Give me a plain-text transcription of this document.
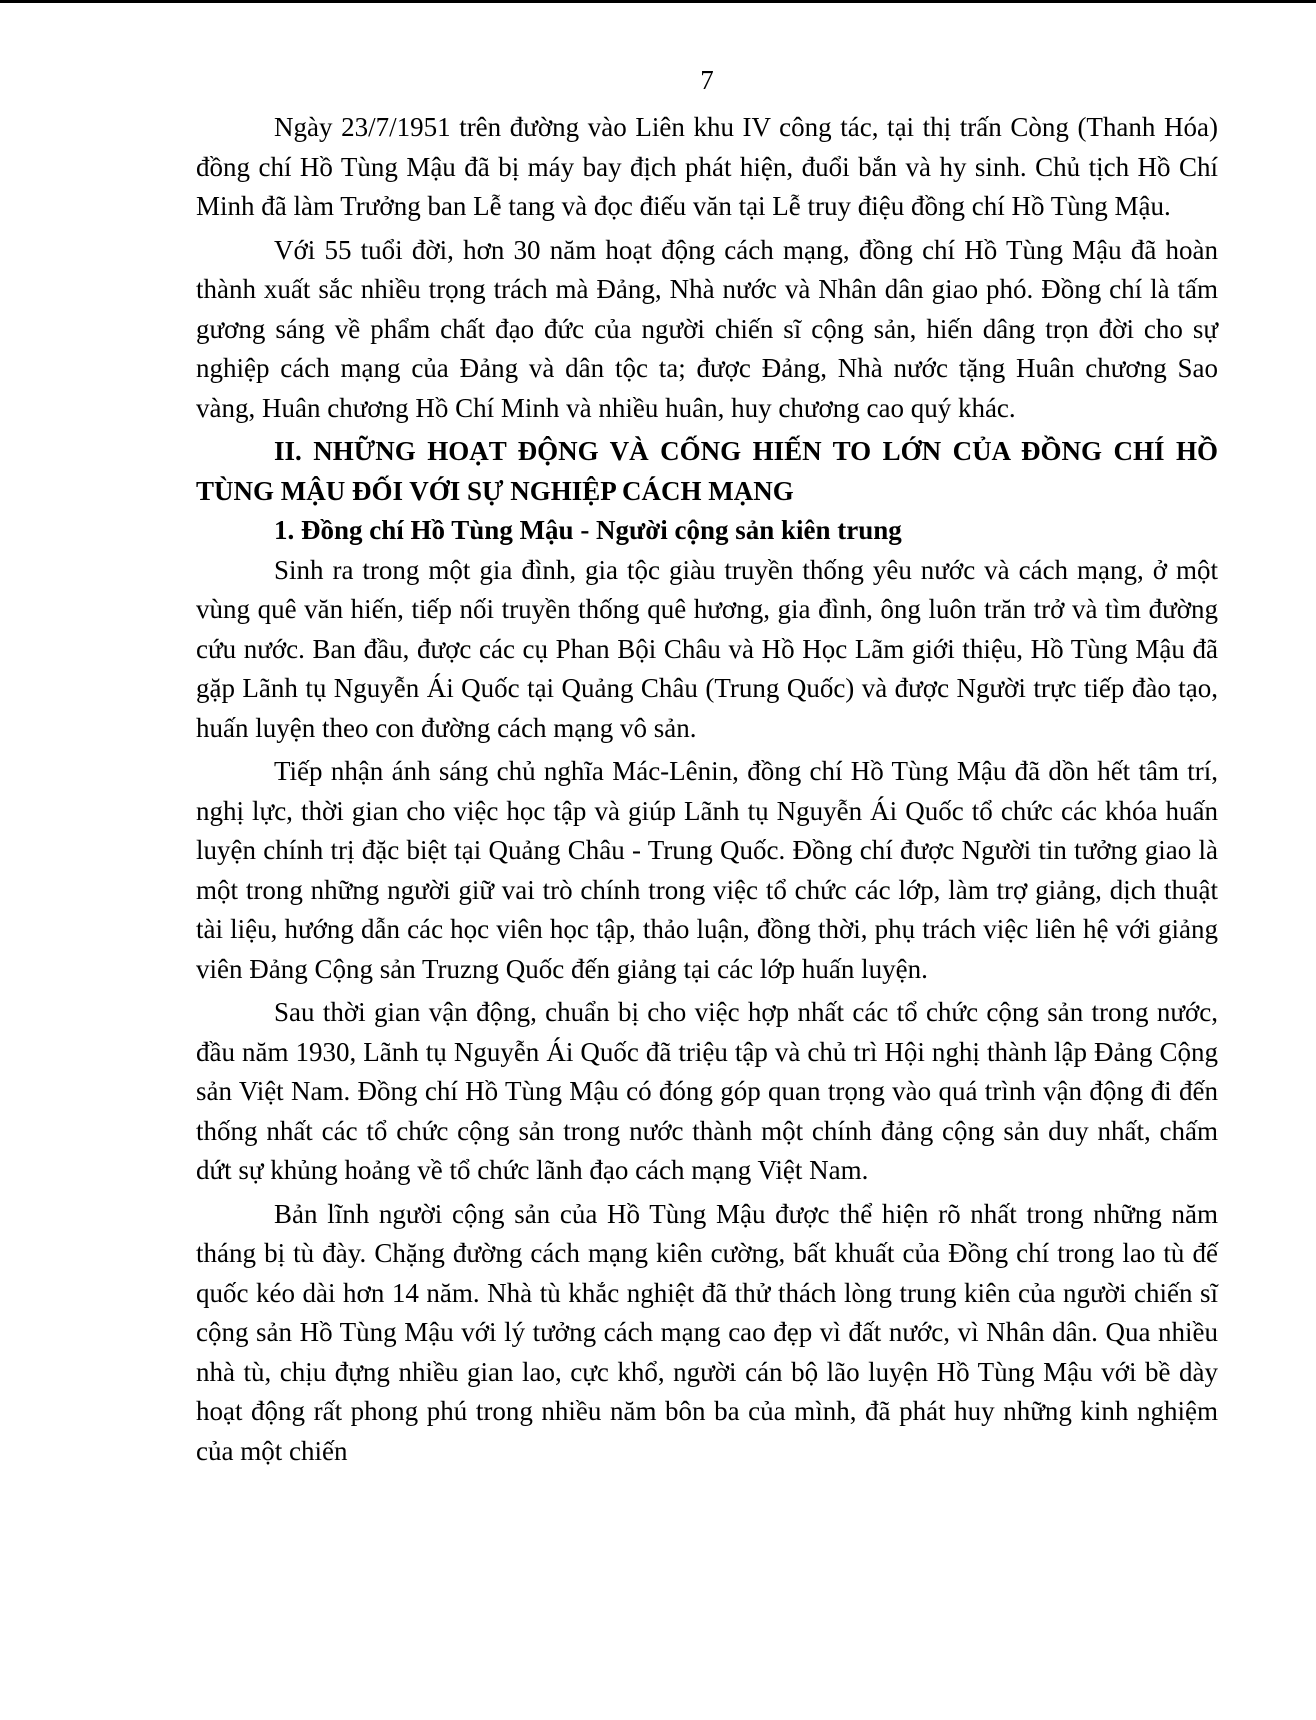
7

Ngày 23/7/1951 trên đường vào Liên khu IV công tác, tại thị trấn Còng (Thanh Hóa) đồng chí Hồ Tùng Mậu đã bị máy bay địch phát hiện, đuổi bắn và hy sinh. Chủ tịch Hồ Chí Minh đã làm Trưởng ban Lễ tang và đọc điếu văn tại Lễ truy điệu đồng chí Hồ Tùng Mậu.

Với 55 tuổi đời, hơn 30 năm hoạt động cách mạng, đồng chí Hồ Tùng Mậu đã hoàn thành xuất sắc nhiều trọng trách mà Đảng, Nhà nước và Nhân dân giao phó. Đồng chí là tấm gương sáng về phẩm chất đạo đức của người chiến sĩ cộng sản, hiến dâng trọn đời cho sự nghiệp cách mạng của Đảng và dân tộc ta; được Đảng, Nhà nước tặng Huân chương Sao vàng, Huân chương Hồ Chí Minh và nhiều huân, huy chương cao quý khác.

II. NHỮNG HOẠT ĐỘNG VÀ CỐNG HIẾN TO LỚN CỦA ĐỒNG CHÍ HỒ TÙNG MẬU ĐỐI VỚI SỰ NGHIỆP CÁCH MẠNG

1. Đồng chí Hồ Tùng Mậu - Người cộng sản kiên trung

Sinh ra trong một gia đình, gia tộc giàu truyền thống yêu nước và cách mạng, ở một vùng quê văn hiến, tiếp nối truyền thống quê hương, gia đình, ông luôn trăn trở và tìm đường cứu nước. Ban đầu, được các cụ Phan Bội Châu và Hồ Học Lãm giới thiệu, Hồ Tùng Mậu đã gặp Lãnh tụ Nguyễn Ái Quốc tại Quảng Châu (Trung Quốc) và được Người trực tiếp đào tạo, huấn luyện theo con đường cách mạng vô sản.

Tiếp nhận ánh sáng chủ nghĩa Mác-Lênin, đồng chí Hồ Tùng Mậu đã dồn hết tâm trí, nghị lực, thời gian cho việc học tập và giúp Lãnh tụ Nguyễn Ái Quốc tổ chức các khóa huấn luyện chính trị đặc biệt tại Quảng Châu - Trung Quốc. Đồng chí được Người tin tưởng giao là một trong những người giữ vai trò chính trong việc tổ chức các lớp, làm trợ giảng, dịch thuật tài liệu, hướng dẫn các học viên học tập, thảo luận, đồng thời, phụ trách việc liên hệ với giảng viên Đảng Cộng sản Truzng Quốc đến giảng tại các lớp huấn luyện.

Sau thời gian vận động, chuẩn bị cho việc hợp nhất các tổ chức cộng sản trong nước, đầu năm 1930, Lãnh tụ Nguyễn Ái Quốc đã triệu tập và chủ trì Hội nghị thành lập Đảng Cộng sản Việt Nam. Đồng chí Hồ Tùng Mậu có đóng góp quan trọng vào quá trình vận động đi đến thống nhất các tổ chức cộng sản trong nước thành một chính đảng cộng sản duy nhất, chấm dứt sự khủng hoảng về tổ chức lãnh đạo cách mạng Việt Nam.

Bản lĩnh người cộng sản của Hồ Tùng Mậu được thể hiện rõ nhất trong những năm tháng bị tù đày. Chặng đường cách mạng kiên cường, bất khuất của Đồng chí trong lao tù đế quốc kéo dài hơn 14 năm. Nhà tù khắc nghiệt đã thử thách lòng trung kiên của người chiến sĩ cộng sản Hồ Tùng Mậu với lý tưởng cách mạng cao đẹp vì đất nước, vì Nhân dân. Qua nhiều nhà tù, chịu đựng nhiều gian lao, cực khổ, người cán bộ lão luyện Hồ Tùng Mậu với bề dày hoạt động rất phong phú trong nhiều năm bôn ba của mình, đã phát huy những kinh nghiệm của một chiến
